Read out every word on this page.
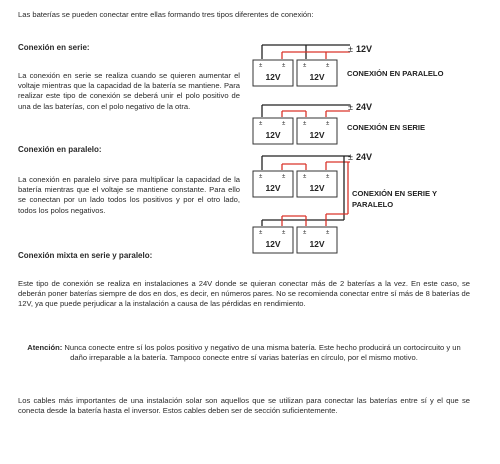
Las baterías se pueden conectar entre ellas formando tres tipos diferentes de conexión:

Conexión en serie:

La conexión en serie se realiza cuando se quieren aumentar el voltaje mientras que la capacidad de la batería se mantiene. Para realizar este tipo de conexión se deberá unir el polo positivo de una de las baterías, con el polo negativo de la otra.

Conexión en paralelo:

La conexión en paralelo sirve para multiplicar la capacidad de la batería mientras que el voltaje se mantiene constante. Para ello se conectan por un lado todos los positivos y por el otro lado, todos los polos negativos.

Conexión mixta en serie y paralelo:

Este tipo de conexión se realiza en instalaciones a 24V donde se quieran conectar más de 2 baterías a la vez. En este caso, se deberán poner baterías siempre de dos en dos, es decir, en números pares. No se recomienda conectar entre sí más de 8 baterías de 12V, ya que puede perjudicar a la instalación a causa de las pérdidas en rendimiento.

Atención: Nunca conecte entre sí los polos positivo y negativo de una misma batería. Este hecho producirá un cortocircuito y un daño irreparable a la batería. Tampoco conecte entre sí varias baterías en círculo, por el mismo motivo.

Los cables más importantes de una instalación solar son aquellos que se utilizan para conectar las baterías entre sí y el que se conecta desde la batería hasta el inversor. Estos cables deben ser de sección suficientemente.

±	±	±	±
12V	12V
± 12V
CONEXIÓN EN PARALELO
±	±	±	±
12V	12V
± 24V
CONEXIÓN EN SERIE
±	±	±	±
12V	12V
±	±	±	±
12V	12V
± 24V
CONEXIÓN EN SERIE Y
PARALELO
